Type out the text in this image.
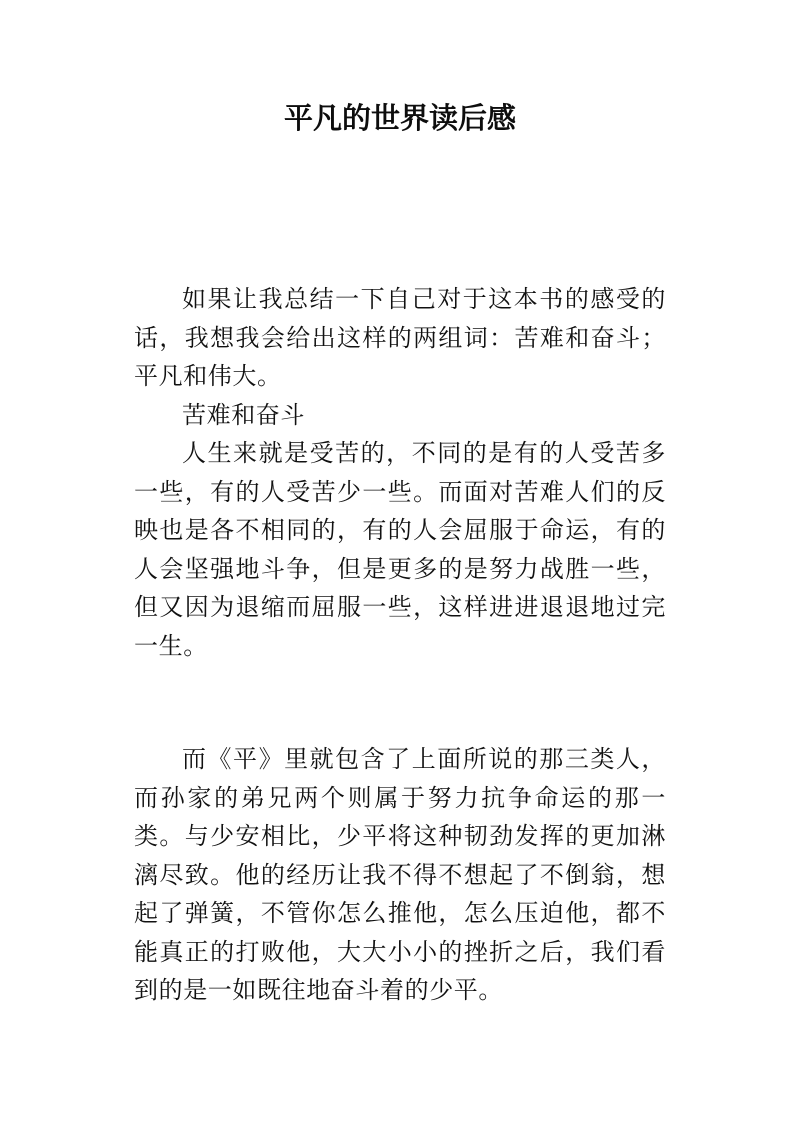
平凡的世界读后感

如果让我总结一下自己对于这本书的感受的话，我想我会给出这样的两组词：苦难和奋斗；平凡和伟大。

苦难和奋斗

人生来就是受苦的，不同的是有的人受苦多一些，有的人受苦少一些。而面对苦难人们的反映也是各不相同的，有的人会屈服于命运，有的人会坚强地斗争，但是更多的是努力战胜一些，但又因为退缩而屈服一些，这样进进退退地过完一生。

而《平》里就包含了上面所说的那三类人，而孙家的弟兄两个则属于努力抗争命运的那一类。与少安相比，少平将这种韧劲发挥的更加淋漓尽致。他的经历让我不得不想起了不倒翁，想起了弹簧，不管你怎么推他，怎么压迫他，都不能真正的打败他，大大小小的挫折之后，我们看到的是一如既往地奋斗着的少平。
